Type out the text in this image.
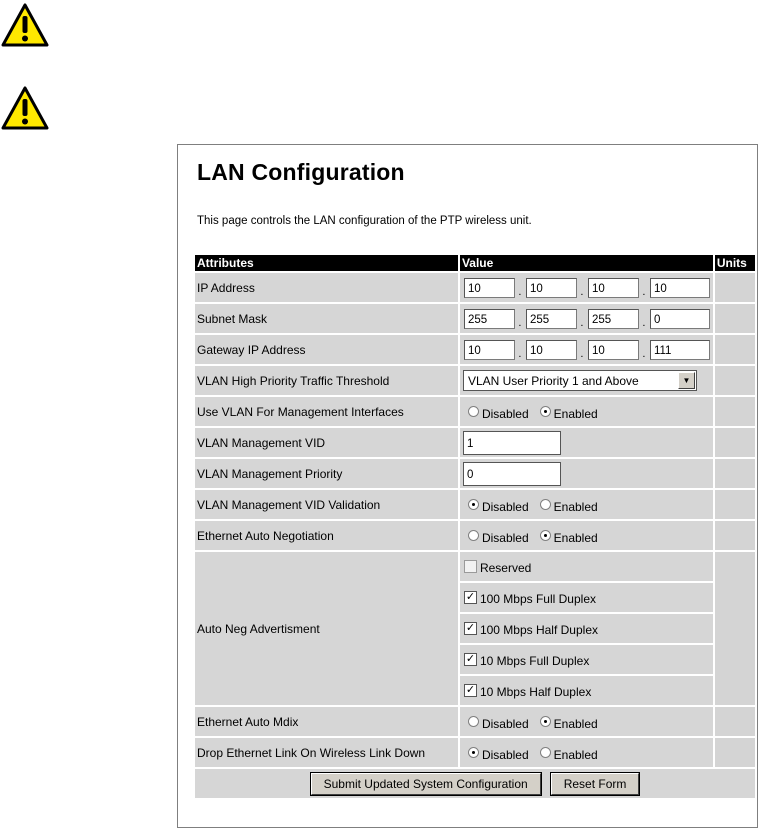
LAN Configuration
This page controls the LAN configuration of the PTP wireless unit.
Attributes	Value	Units
IP Address	10 . 10 . 10 . 10	
Subnet Mask	255 . 255 . 255 . 0	
Gateway IP Address	10 . 10 . 10 . 111	
VLAN High Priority Traffic Threshold	VLAN User Priority 1 and Above ▼	

Use VLAN For Management Interfaces	Disabled Enabled	
VLAN Management VID	1	
VLAN Management Priority	0	
VLAN Management VID Validation	Disabled Enabled	
Ethernet Auto Negotiation	Disabled Enabled	
Auto Neg Advertisment	Reserved	
	✓ 100 Mbps Full Duplex	
	✓ 100 Mbps Half Duplex	
	✓ 10 Mbps Full Duplex	
	✓ 10 Mbps Half Duplex	
Ethernet Auto Mdix	Disabled Enabled	
Drop Ethernet Link On Wireless Link Down	Disabled Enabled	
Submit Updated System Configuration Reset Form		
